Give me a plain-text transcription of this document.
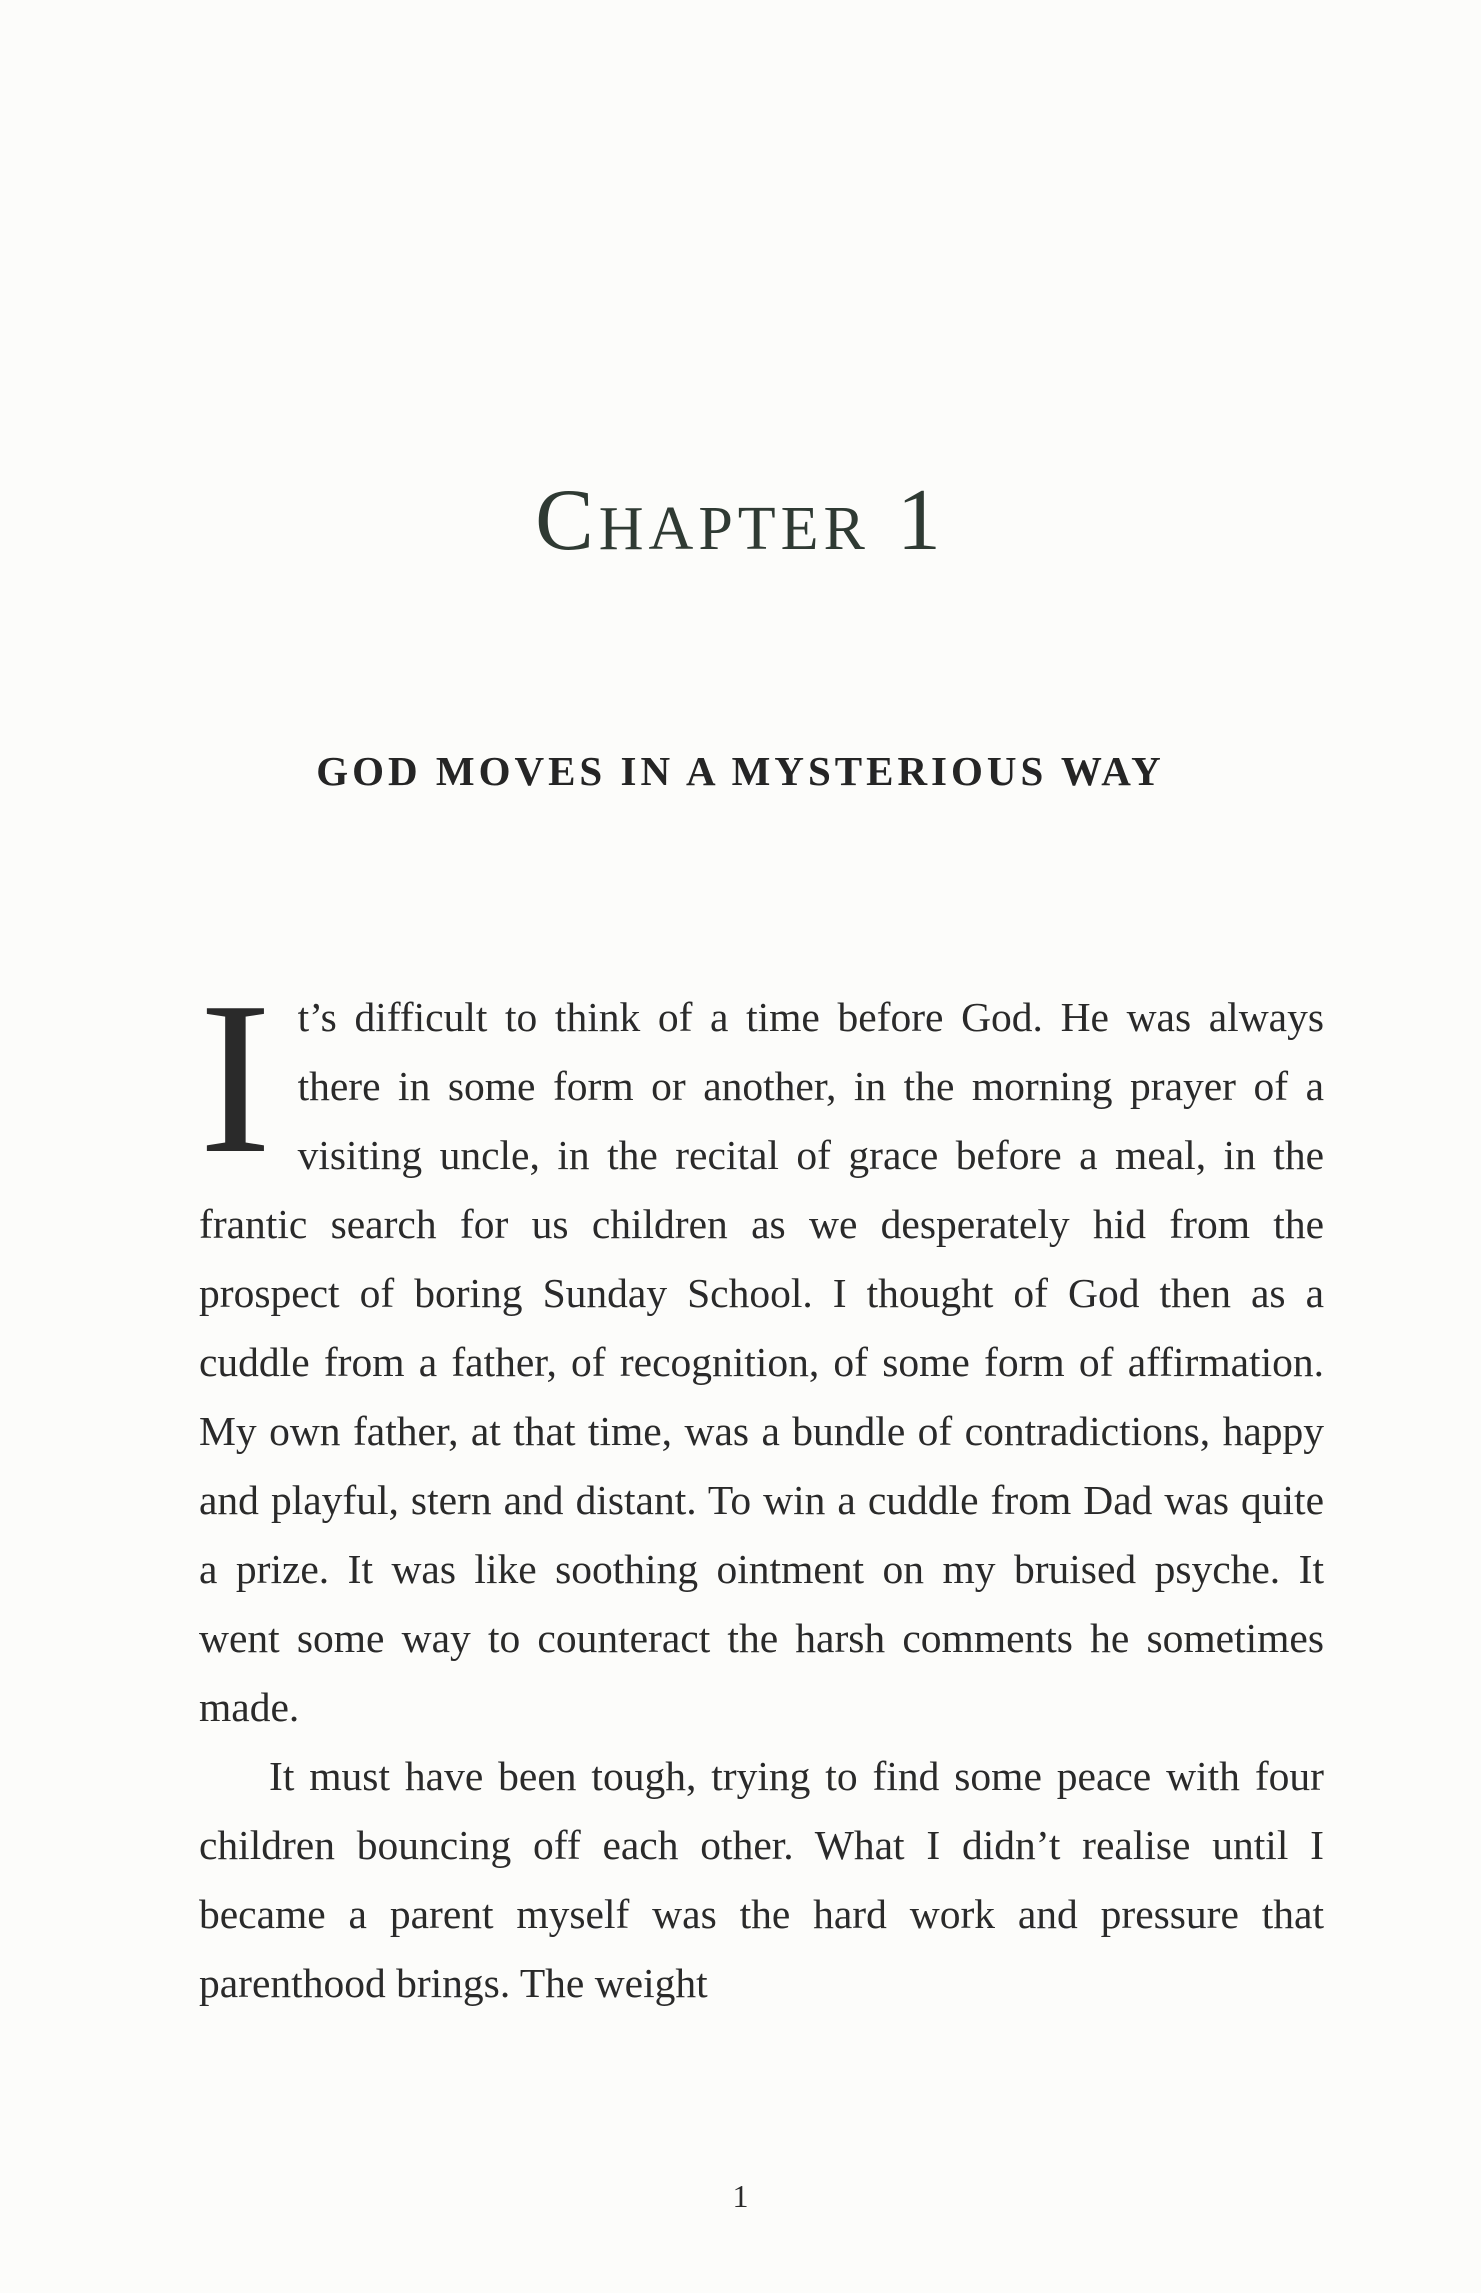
Chapter 1
GOD MOVES IN A MYSTERIOUS WAY

It’s difficult to think of a time before God. He was always there in some form or another, in the morning prayer of a visiting uncle, in the recital of grace before a meal, in the frantic search for us children as we desperately hid from the prospect of boring Sunday School. I thought of God then as a cuddle from a father, of recognition, of some form of affirmation. My own father, at that time, was a bundle of contradictions, happy and playful, stern and distant. To win a cuddle from Dad was quite a prize. It was like soothing ointment on my bruised psyche. It went some way to counteract the harsh comments he sometimes made.

It must have been tough, trying to find some peace with four children bouncing off each other. What I didn’t realise until I became a parent myself was the hard work and pressure that parenthood brings. The weight

1
